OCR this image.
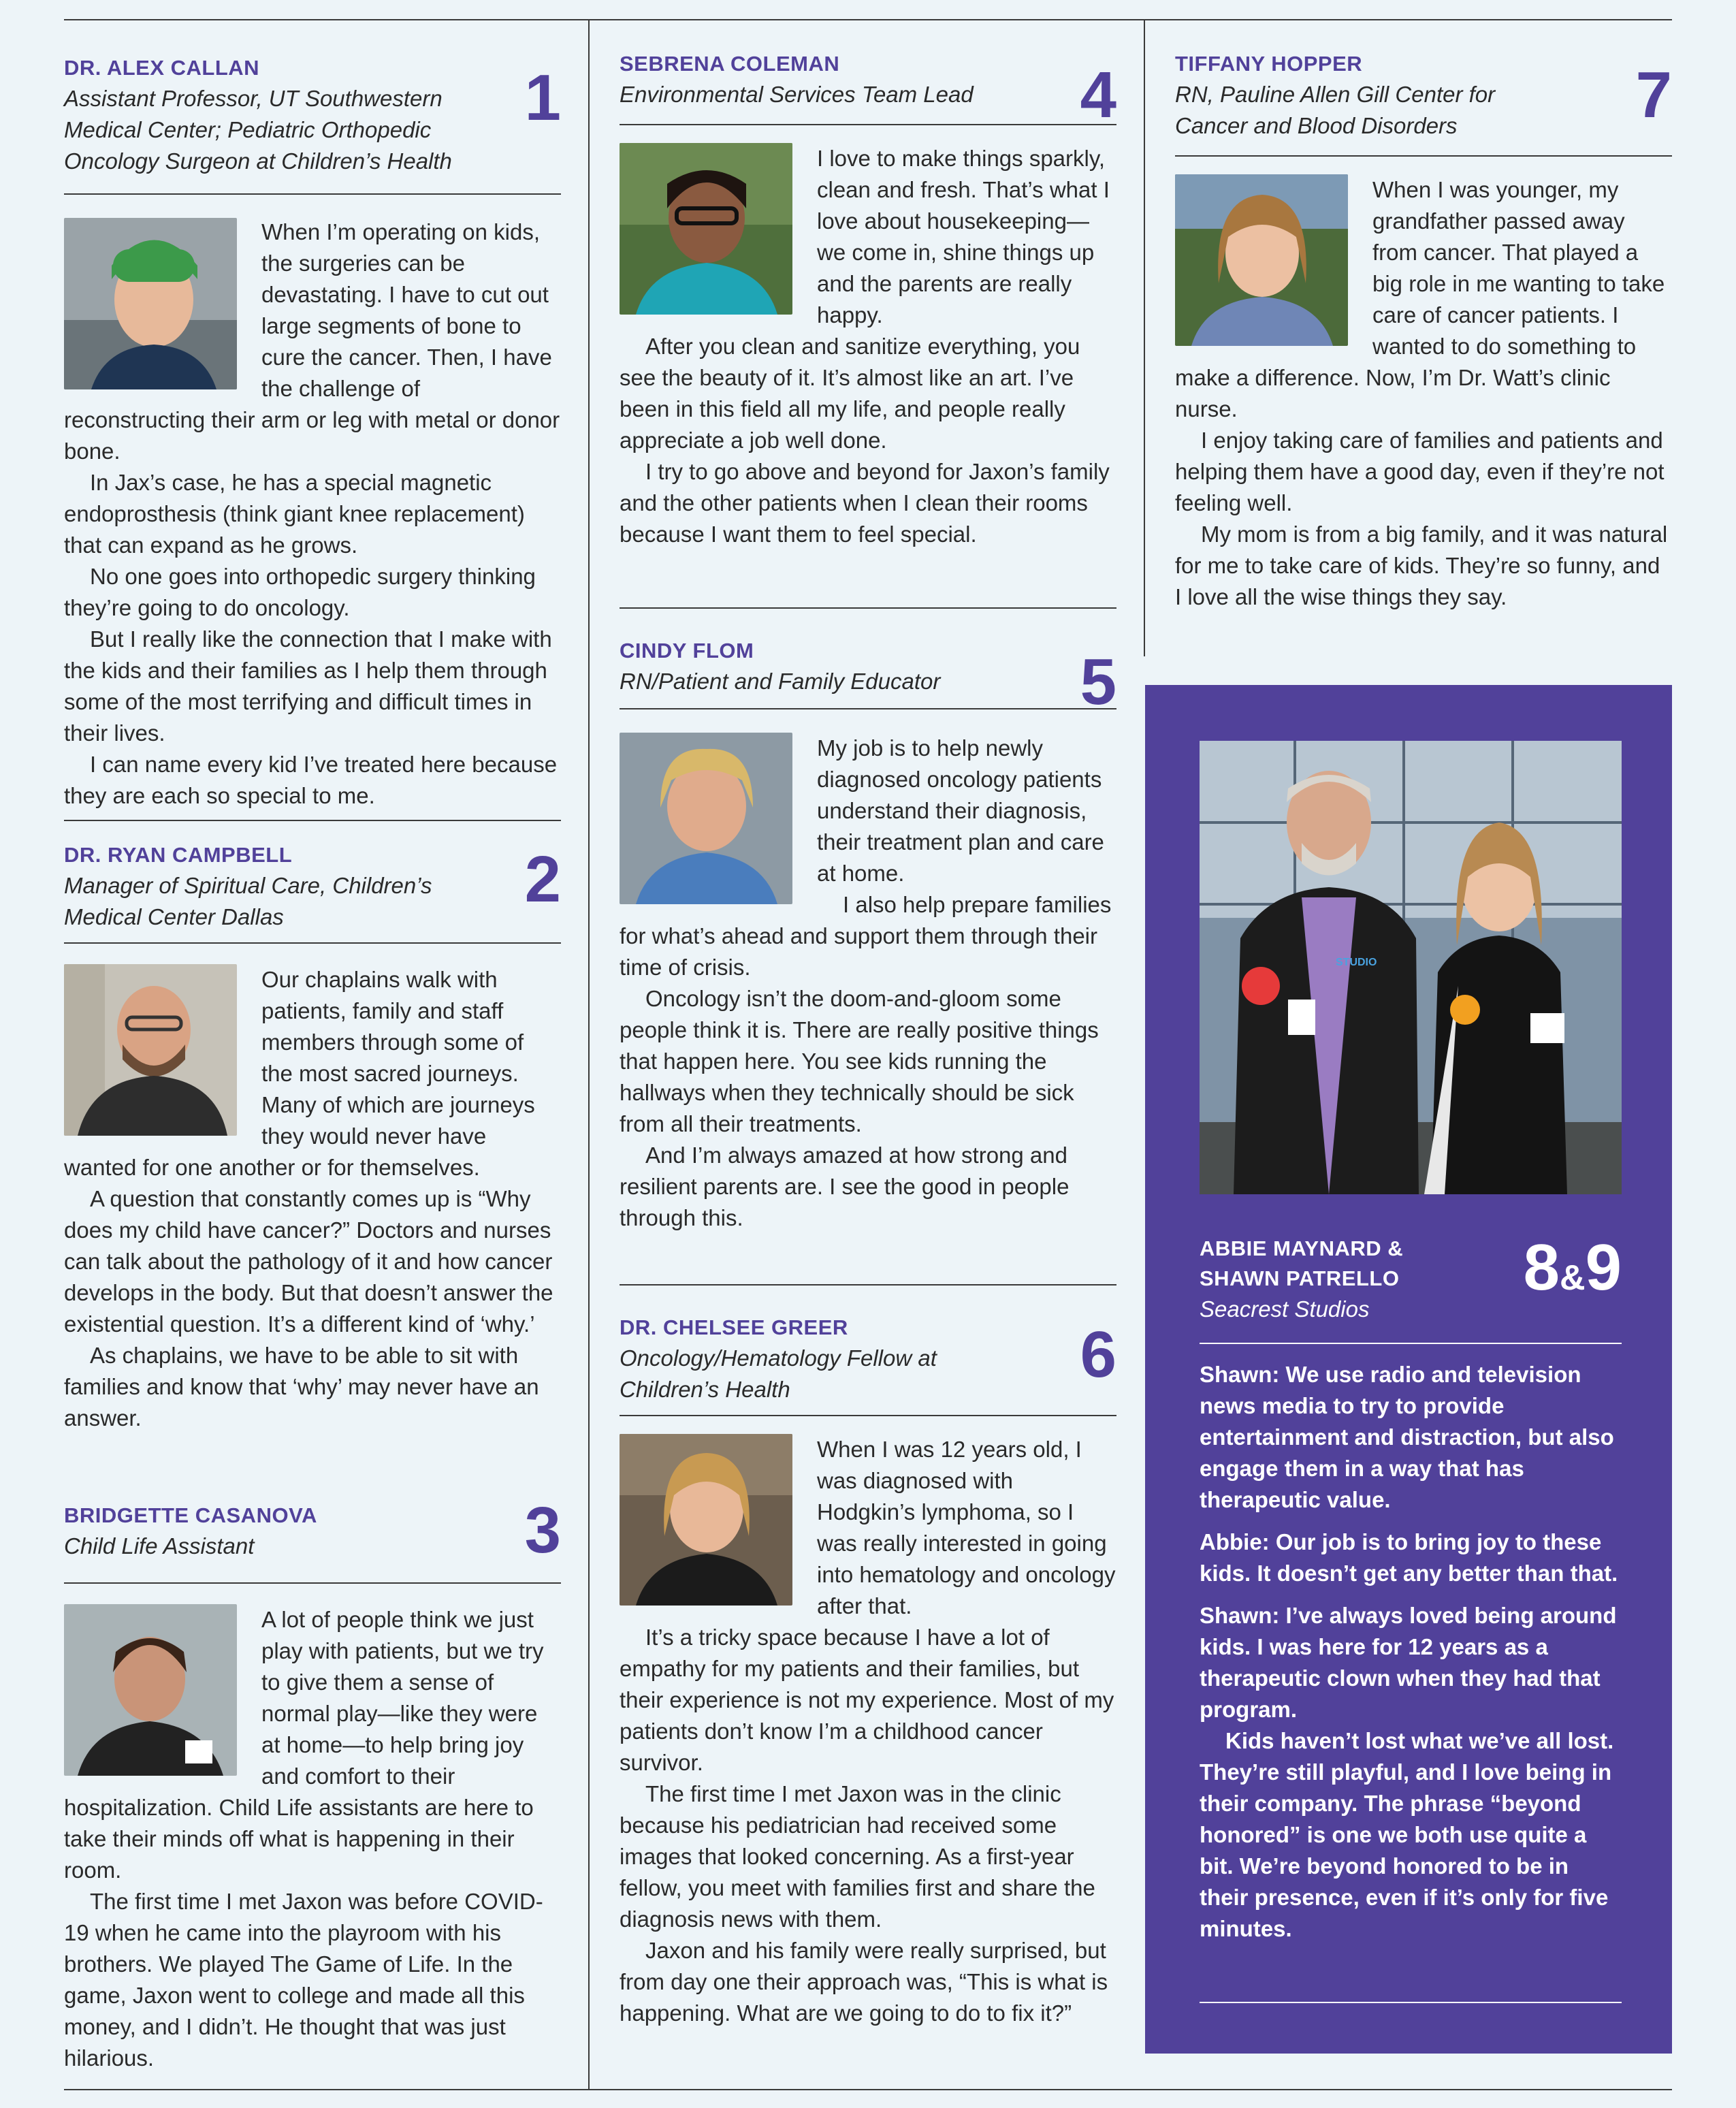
DR. ALEX CALLAN
Assistant Professor, UT Southwestern Medical Center; Pediatric Orthopedic Oncology Surgeon at Children’s Health
1

When I’m operating on kids, the surgeries can be devastating. I have to cut out large segments of bone to cure the cancer. Then, I have the challenge of reconstructing their arm or leg with metal or donor bone.

In Jax’s case, he has a special magnetic endoprosthesis (think giant knee replacement) that can expand as he grows.

No one goes into orthopedic surgery thinking they’re going to do oncology.

But I really like the connection that I make with the kids and their families as I help them through some of the most terrifying and difficult times in their lives.

I can name every kid I’ve treated here because they are each so special to me.

DR. RYAN CAMPBELL
Manager of Spiritual Care, Children’s Medical Center Dallas
2

Our chaplains walk with patients, family and staff members through some of the most sacred journeys. Many of which are journeys they would never have wanted for one another or for themselves.

A question that constantly comes up is “Why does my child have cancer?” Doctors and nurses can talk about the pathology of it and how cancer develops in the body. But that doesn’t answer the existential question. It’s a different kind of ‘why.’

As chaplains, we have to be able to sit with families and know that ‘why’ may never have an answer.

BRIDGETTE CASANOVA
Child Life Assistant	3

A lot of people think we just play with patients, but we try to give them a sense of normal play—like they were at home—to help bring joy and comfort to their hospitalization. Child Life assistants are here to take their minds off what is happening in their room.

The first time I met Jaxon was before COVID-19 when he came into the playroom with his brothers. We played The Game of Life. In the game, Jaxon went to college and made all this money, and I didn’t. He thought that was just hilarious.

SEBRENA COLEMAN
Environmental Services Team Lead	4

I love to make things sparkly, clean and fresh. That’s what I love about housekeeping—we come in, shine things up and the parents are really happy.

After you clean and sanitize everything, you see the beauty of it. It’s almost like an art. I’ve been in this field all my life, and people really appreciate a job well done.

I try to go above and beyond for Jaxon’s family and the other patients when I clean their rooms because I want them to feel special.

CINDY FLOM
RN/Patient and Family Educator	5

My job is to help newly diagnosed oncology patients understand their diagnosis, their treatment plan and care at home.

I also help prepare families for what’s ahead and support them through their time of crisis.

Oncology isn’t the doom-and-gloom some people think it is. There are really positive things that happen here. You see kids running the hallways when they technically should be sick from all their treatments.

And I’m always amazed at how strong and resilient parents are. I see the good in people through this.

DR. CHELSEE GREER
Oncology/Hematology Fellow at Children’s Health	6

When I was 12 years old, I was diagnosed with Hodgkin’s lymphoma, so I was really interested in going into hematology and oncology after that.

It’s a tricky space because I have a lot of empathy for my patients and their families, but their experience is not my experience. Most of my patients don’t know I’m a childhood cancer survivor.

The first time I met Jaxon was in the clinic because his pediatrician had received some images that looked concerning. As a first-year fellow, you meet with families first and share the diagnosis news with them.

Jaxon and his family were really surprised, but from day one their approach was, “This is what is happening. What are we going to do to fix it?”

TIFFANY HOPPER
RN, Pauline Allen Gill Center for Cancer and Blood Disorders	7

When I was younger, my grandfather passed away from cancer. That played a big role in me wanting to take care of cancer patients. I wanted to do something to make a difference. Now, I’m Dr. Watt’s clinic nurse.

I enjoy taking care of families and patients and helping them have a good day, even if they’re not feeling well.

My mom is from a big family, and it was natural for me to take care of kids. They’re so funny, and I love all the wise things they say.

STUDIO
ABBIE MAYNARD &
SHAWN PATRELLO
Seacrest Studios
8&9

Shawn: We use radio and television news media to try to provide entertainment and distraction, but also engage them in a way that has therapeutic value.

Abbie: Our job is to bring joy to these kids. It doesn’t get any better than that.

Shawn: I’ve always loved being around kids. I was here for 12 years as a therapeutic clown when they had that program.

Kids haven’t lost what we’ve all lost. They’re still playful, and I love being in their company. The phrase “beyond honored” is one we both use quite a bit. We’re beyond honored to be in their presence, even if it’s only for five minutes.
